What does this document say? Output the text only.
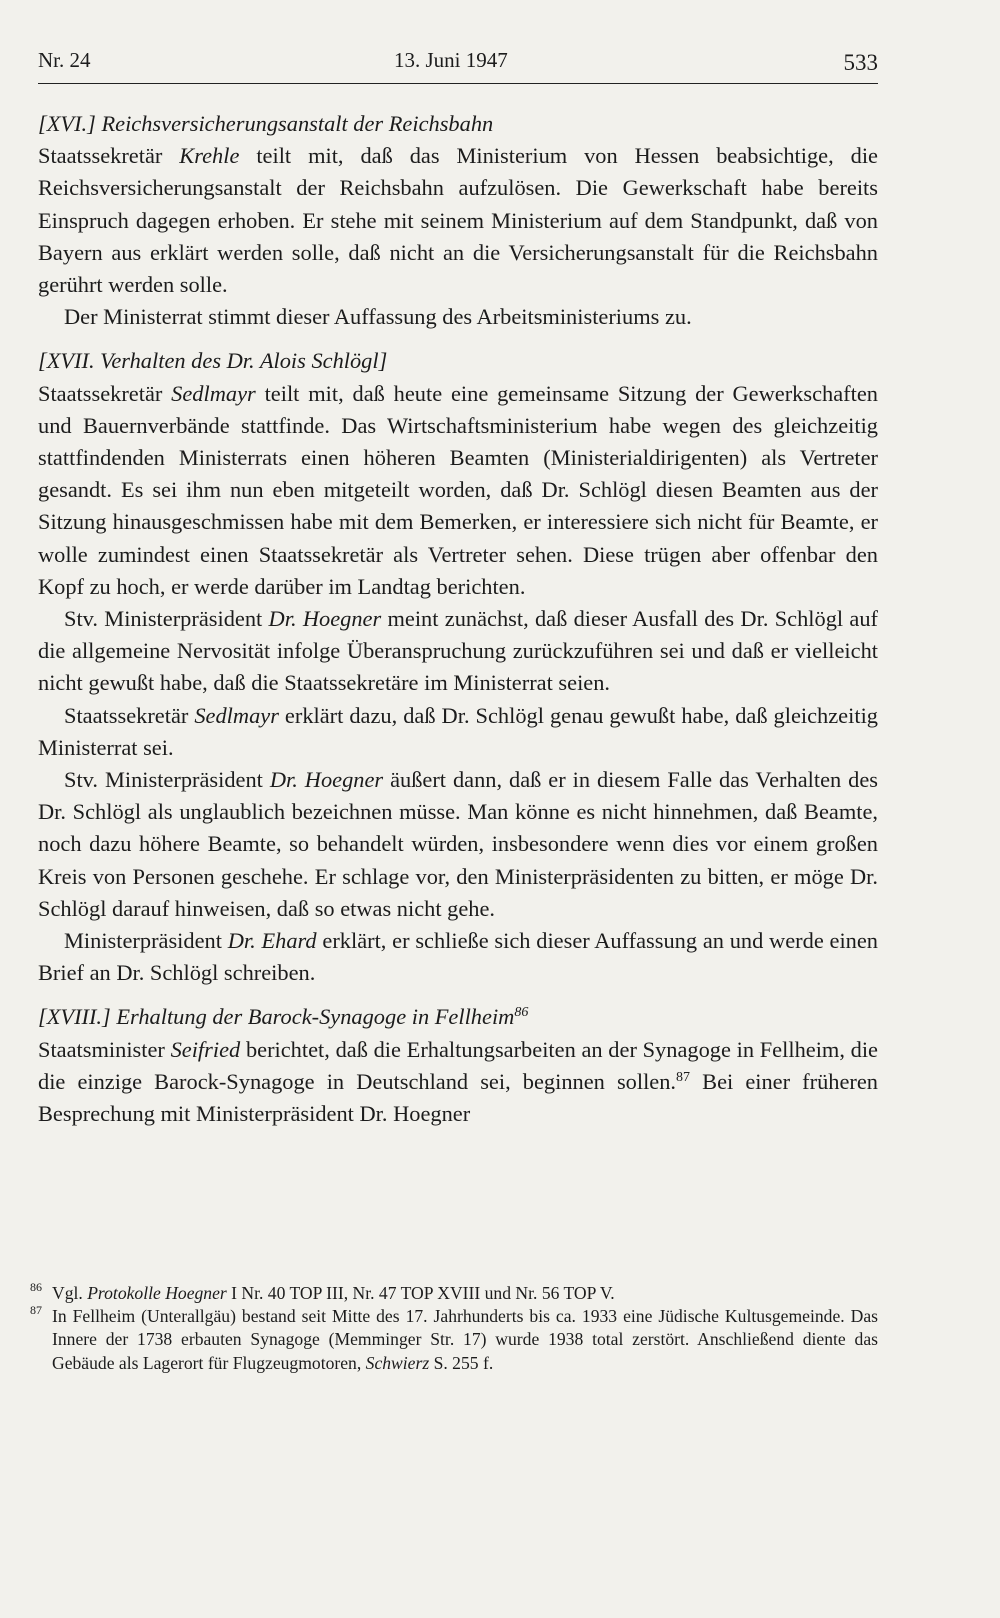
Nr. 24	13. Juni 1947	533

[XVI.] Reichsversicherungsanstalt der Reichsbahn

Staatssekretär Krehle teilt mit, daß das Ministerium von Hessen beabsichtige, die Reichsversicherungsanstalt der Reichsbahn aufzulösen. Die Gewerkschaft habe bereits Einspruch dagegen erhoben. Er stehe mit seinem Ministerium auf dem Standpunkt, daß von Bayern aus erklärt werden solle, daß nicht an die Versicherungsanstalt für die Reichsbahn gerührt werden solle.

Der Ministerrat stimmt dieser Auffassung des Arbeitsministeriums zu.

[XVII. Verhalten des Dr. Alois Schlögl]

Staatssekretär Sedlmayr teilt mit, daß heute eine gemeinsame Sitzung der Gewerkschaften und Bauernverbände stattfinde. Das Wirtschaftsministerium habe wegen des gleichzeitig stattfindenden Ministerrats einen höheren Beamten (Ministerialdirigenten) als Vertreter gesandt. Es sei ihm nun eben mitgeteilt worden, daß Dr. Schlögl diesen Beamten aus der Sitzung hinausgeschmissen habe mit dem Bemerken, er interessiere sich nicht für Beamte, er wolle zumindest einen Staatssekretär als Vertreter sehen. Diese trügen aber offenbar den Kopf zu hoch, er werde darüber im Landtag berichten.

Stv. Ministerpräsident Dr. Hoegner meint zunächst, daß dieser Ausfall des Dr. Schlögl auf die allgemeine Nervosität infolge Überanspruchung zurückzuführen sei und daß er vielleicht nicht gewußt habe, daß die Staatssekretäre im Ministerrat seien.

Staatssekretär Sedlmayr erklärt dazu, daß Dr. Schlögl genau gewußt habe, daß gleichzeitig Ministerrat sei.

Stv. Ministerpräsident Dr. Hoegner äußert dann, daß er in diesem Falle das Verhalten des Dr. Schlögl als unglaublich bezeichnen müsse. Man könne es nicht hinnehmen, daß Beamte, noch dazu höhere Beamte, so behandelt würden, insbesondere wenn dies vor einem großen Kreis von Personen geschehe. Er schlage vor, den Ministerpräsidenten zu bitten, er möge Dr. Schlögl darauf hinweisen, daß so etwas nicht gehe.

Ministerpräsident Dr. Ehard erklärt, er schließe sich dieser Auffassung an und werde einen Brief an Dr. Schlögl schreiben.

[XVIII.] Erhaltung der Barock-Synagoge in Fellheim$^{86}$

Staatsminister Seifried berichtet, daß die Erhaltungsarbeiten an der Synagoge in Fellheim, die die einzige Barock-Synagoge in Deutschland sei, beginnen sollen.$^{87}$ Bei einer früheren Besprechung mit Ministerpräsident Dr. Hoegner

86 Vgl. Protokolle Hoegner I Nr. 40 TOP III, Nr. 47 TOP XVIII und Nr. 56 TOP V.
87 In Fellheim (Unterallgäu) bestand seit Mitte des 17. Jahrhunderts bis ca. 1933 eine Jüdische Kultusgemeinde. Das Innere der 1738 erbauten Synagoge (Memminger Str. 17) wurde 1938 total zerstört. Anschließend diente das Gebäude als Lagerort für Flugzeugmotoren, Schwierz S. 255 f.
